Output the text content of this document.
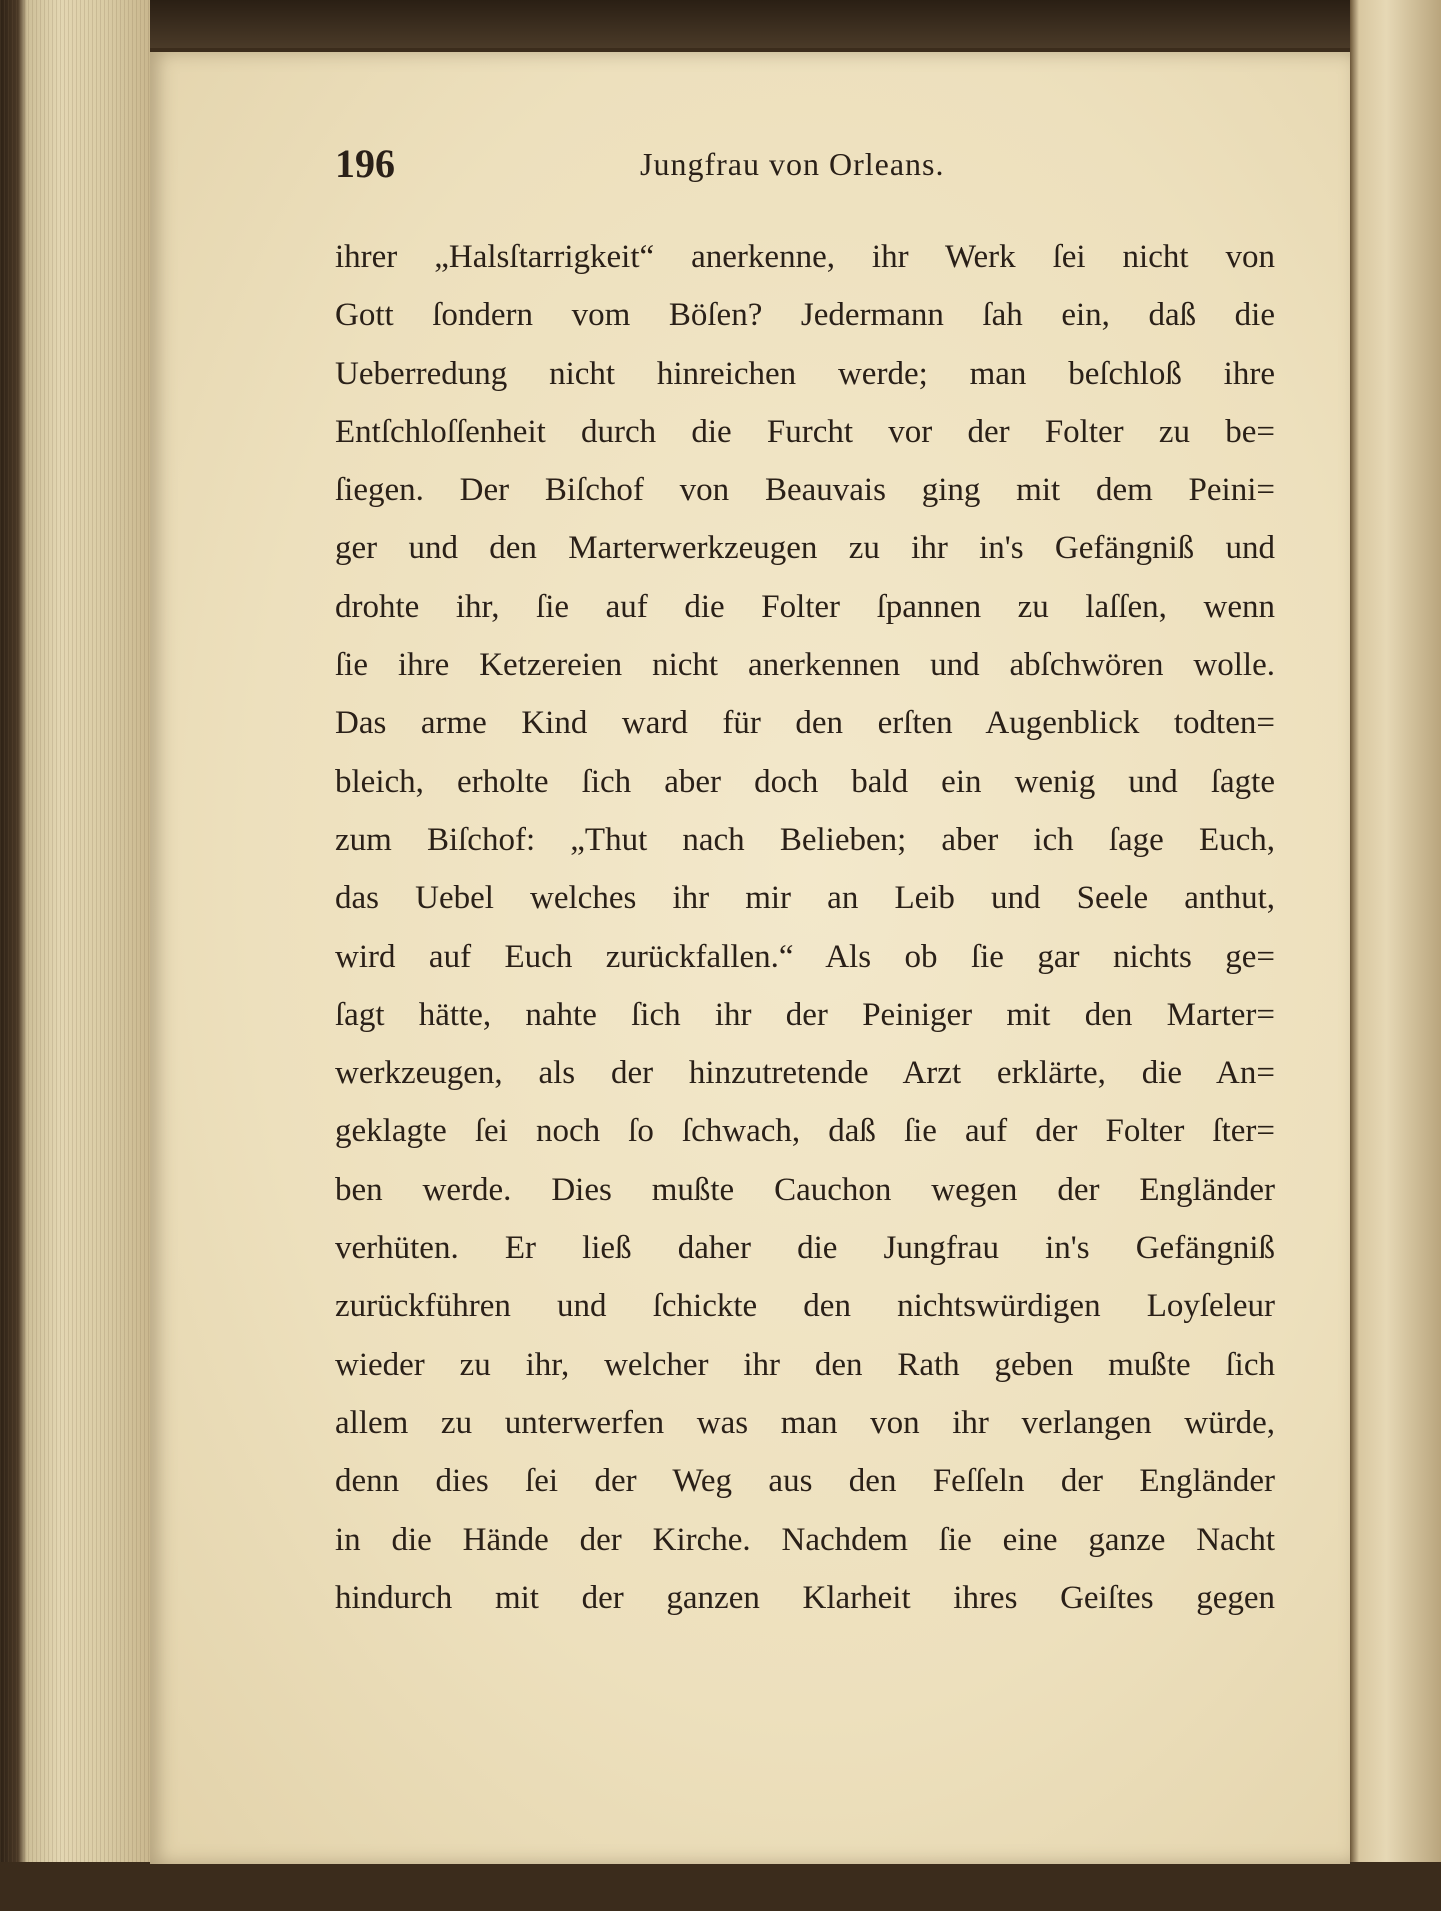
196	Jungfrau von Orleans.
ihrer „Halsſtarrigkeit“ anerkenne, ihr Werk ſei nicht von
Gott ſondern vom Böſen? Jedermann ſah ein, daß die
Ueberredung nicht hinreichen werde; man beſchloß ihre
Entſchloſſenheit durch die Furcht vor der Folter zu be=
ſiegen. Der Biſchof von Beauvais ging mit dem Peini=
ger und den Marterwerkzeugen zu ihr in's Gefängniß und
drohte ihr, ſie auf die Folter ſpannen zu laſſen, wenn
ſie ihre Ketzereien nicht anerkennen und abſchwören wolle.
Das arme Kind ward für den erſten Augenblick todten=
bleich, erholte ſich aber doch bald ein wenig und ſagte
zum Biſchof: „Thut nach Belieben; aber ich ſage Euch,
das Uebel welches ihr mir an Leib und Seele anthut,
wird auf Euch zurückfallen.“ Als ob ſie gar nichts ge=
ſagt hätte, nahte ſich ihr der Peiniger mit den Marter=
werkzeugen, als der hinzutretende Arzt erklärte, die An=
geklagte ſei noch ſo ſchwach, daß ſie auf der Folter ſter=
ben werde. Dies mußte Cauchon wegen der Engländer
verhüten. Er ließ daher die Jungfrau in's Gefängniß
zurückführen und ſchickte den nichtswürdigen Loyſeleur
wieder zu ihr, welcher ihr den Rath geben mußte ſich
allem zu unterwerfen was man von ihr verlangen würde,
denn dies ſei der Weg aus den Feſſeln der Engländer
in die Hände der Kirche. Nachdem ſie eine ganze Nacht
hindurch mit der ganzen Klarheit ihres Geiſtes gegen
